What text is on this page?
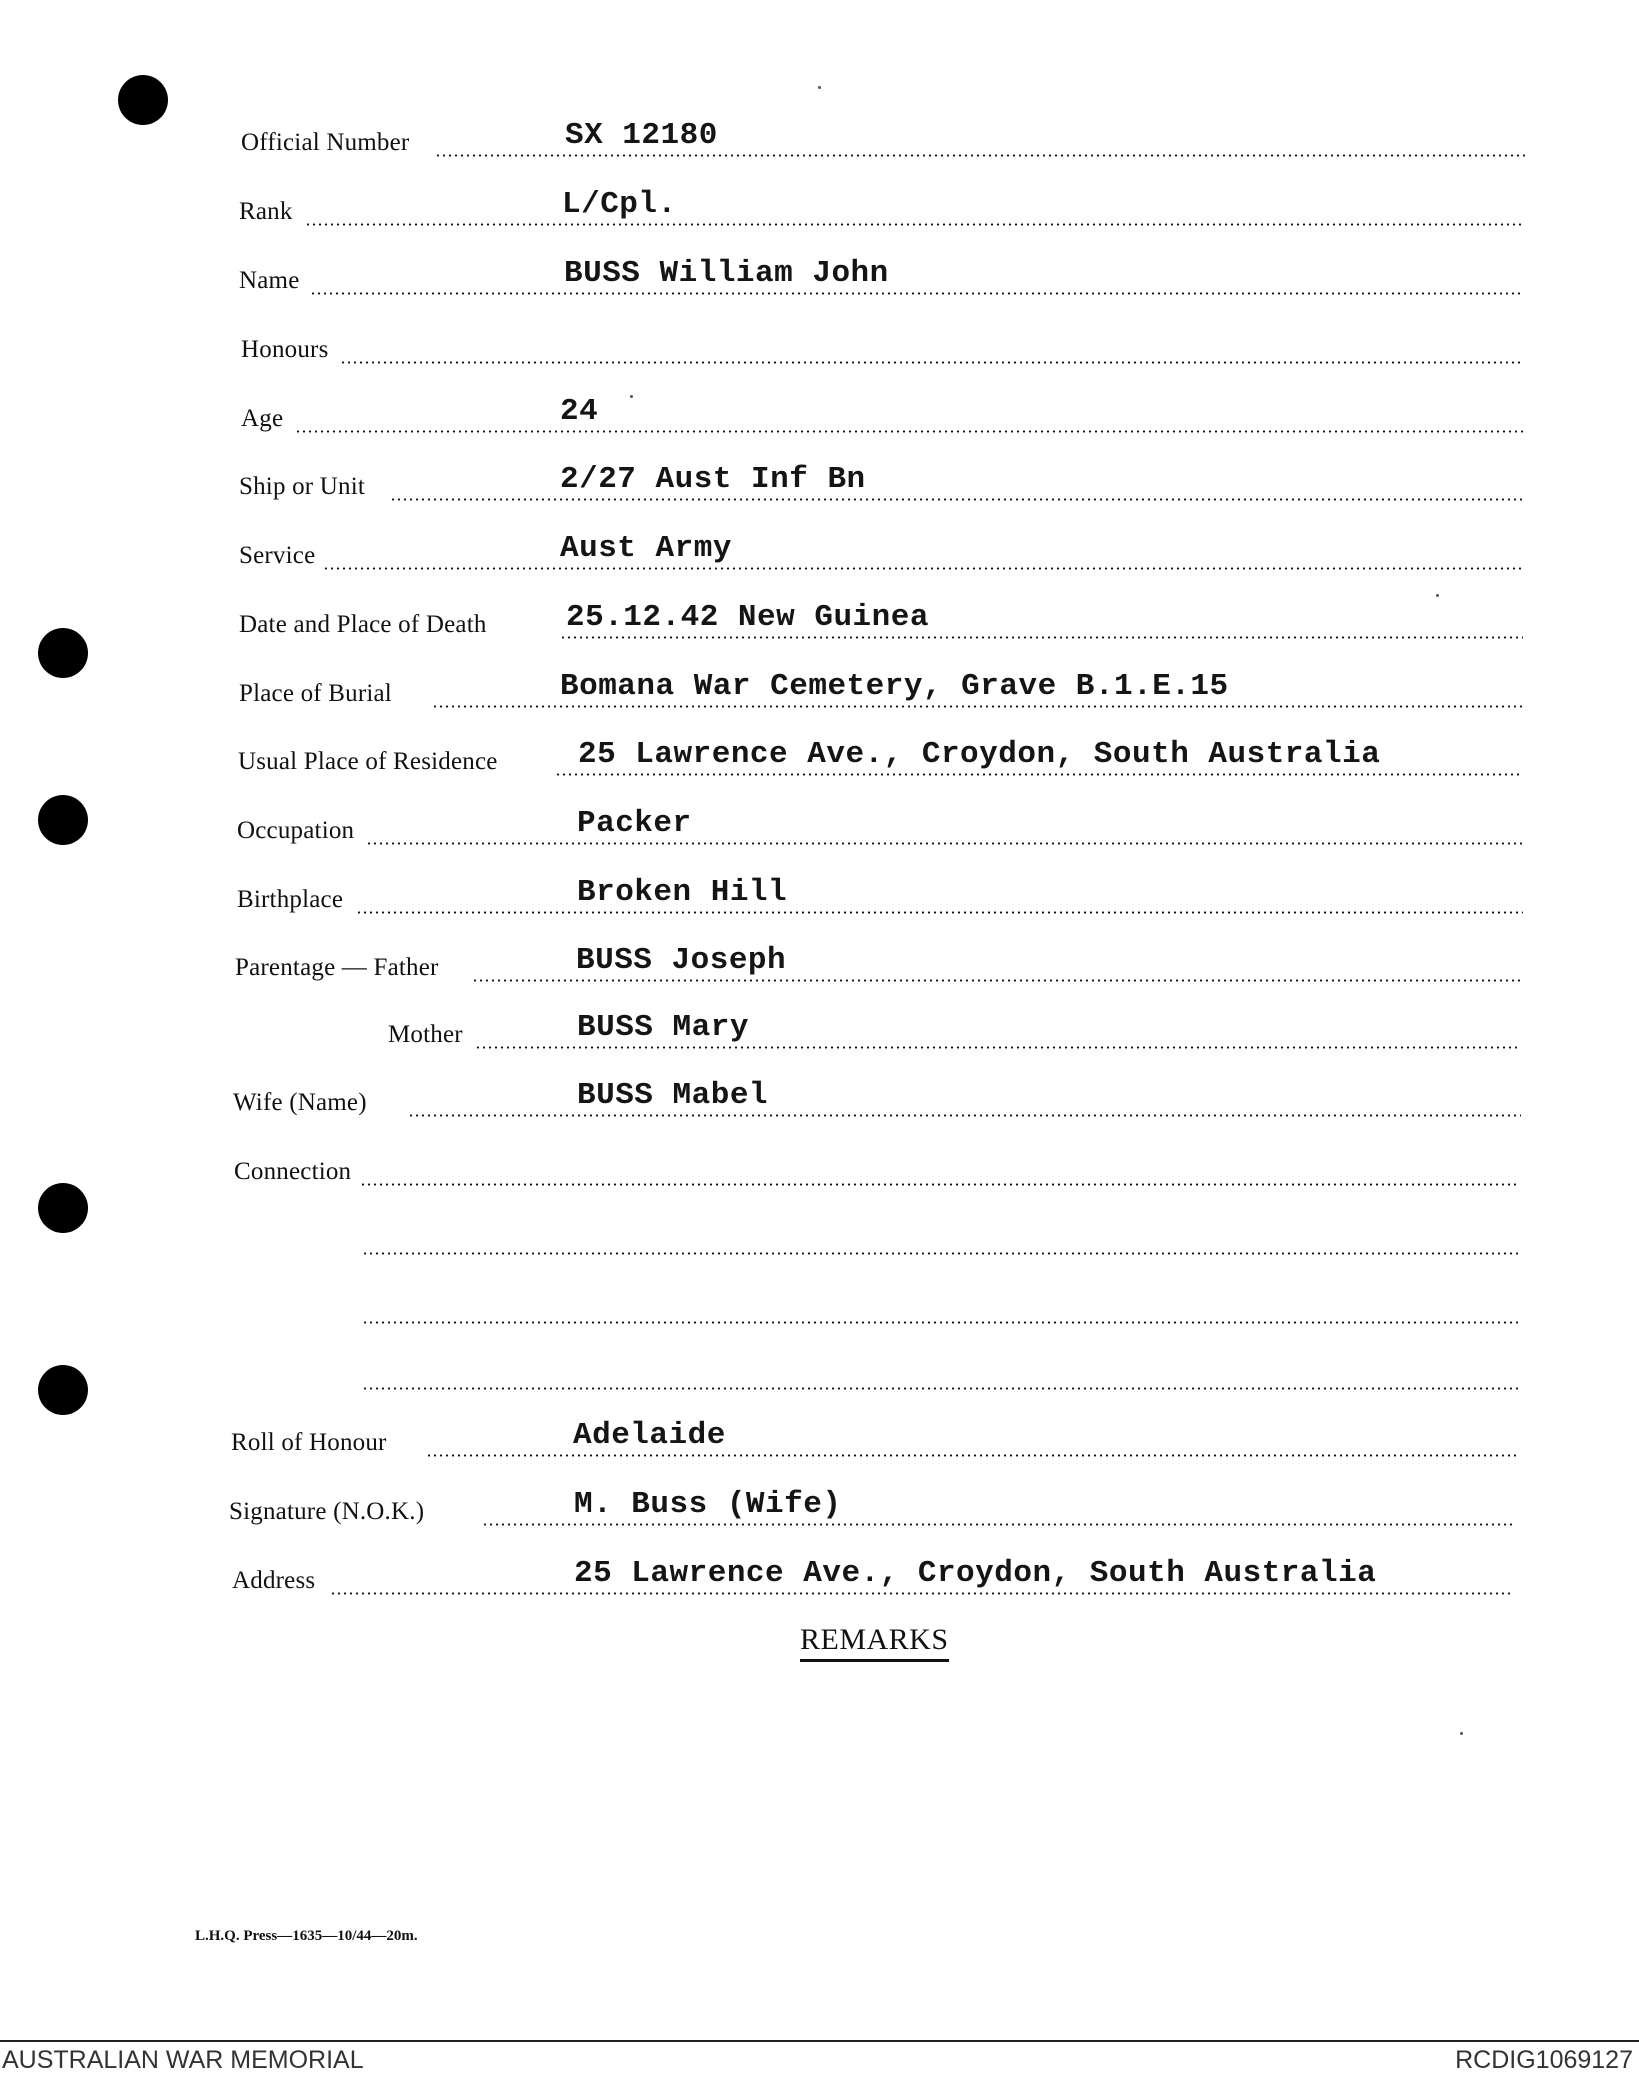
Official Number	SX 12180
Rank	L/Cpl.
Name	BUSS William John
Honours
Age	24
Ship or Unit	2/27 Aust Inf Bn
Service	Aust Army
Date and Place of Death	25.12.42 New Guinea
Place of Burial	Bomana War Cemetery, Grave B.1.E.15
Usual Place of Residence	25 Lawrence Ave., Croydon, South Australia
Occupation	Packer
Birthplace	Broken Hill
Parentage — Father	BUSS Joseph
Mother	BUSS Mary
Wife (Name)	BUSS Mabel
Connection
Roll of Honour	Adelaide
Signature (N.O.K.)	M. Buss (Wife)
Address	25 Lawrence Ave., Croydon, South Australia
REMARKS
L.H.Q. Press—1635—10/44—20m.
AUSTRALIAN WAR MEMORIAL	RCDIG1069127
